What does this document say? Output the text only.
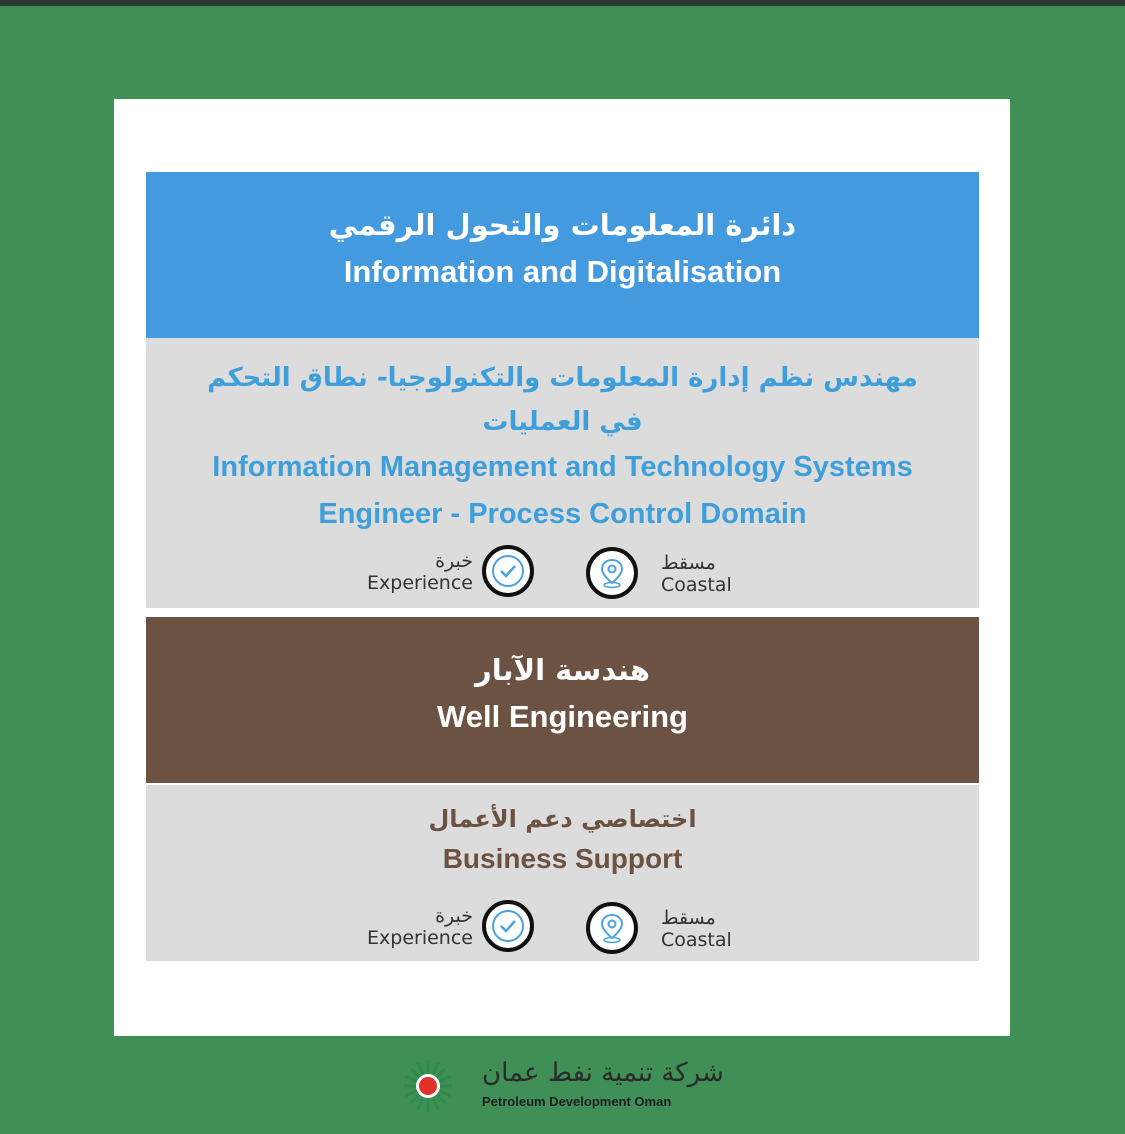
دائرة المعلومات والتحول الرقمي
Information and Digitalisation
مهندس نظم إدارة المعلومات والتكنولوجيا- نطاق التحكم
في العمليات
Information Management and Technology Systems
Engineer - Process Control Domain
خبرة
Experience
مسقط
Coastal
هندسة الآبار
Well Engineering
اختصاصي دعم الأعمال
Business Support
خبرة
Experience
مسقط
Coastal
شركة تنمية نفط عمان
Petroleum Development Oman
